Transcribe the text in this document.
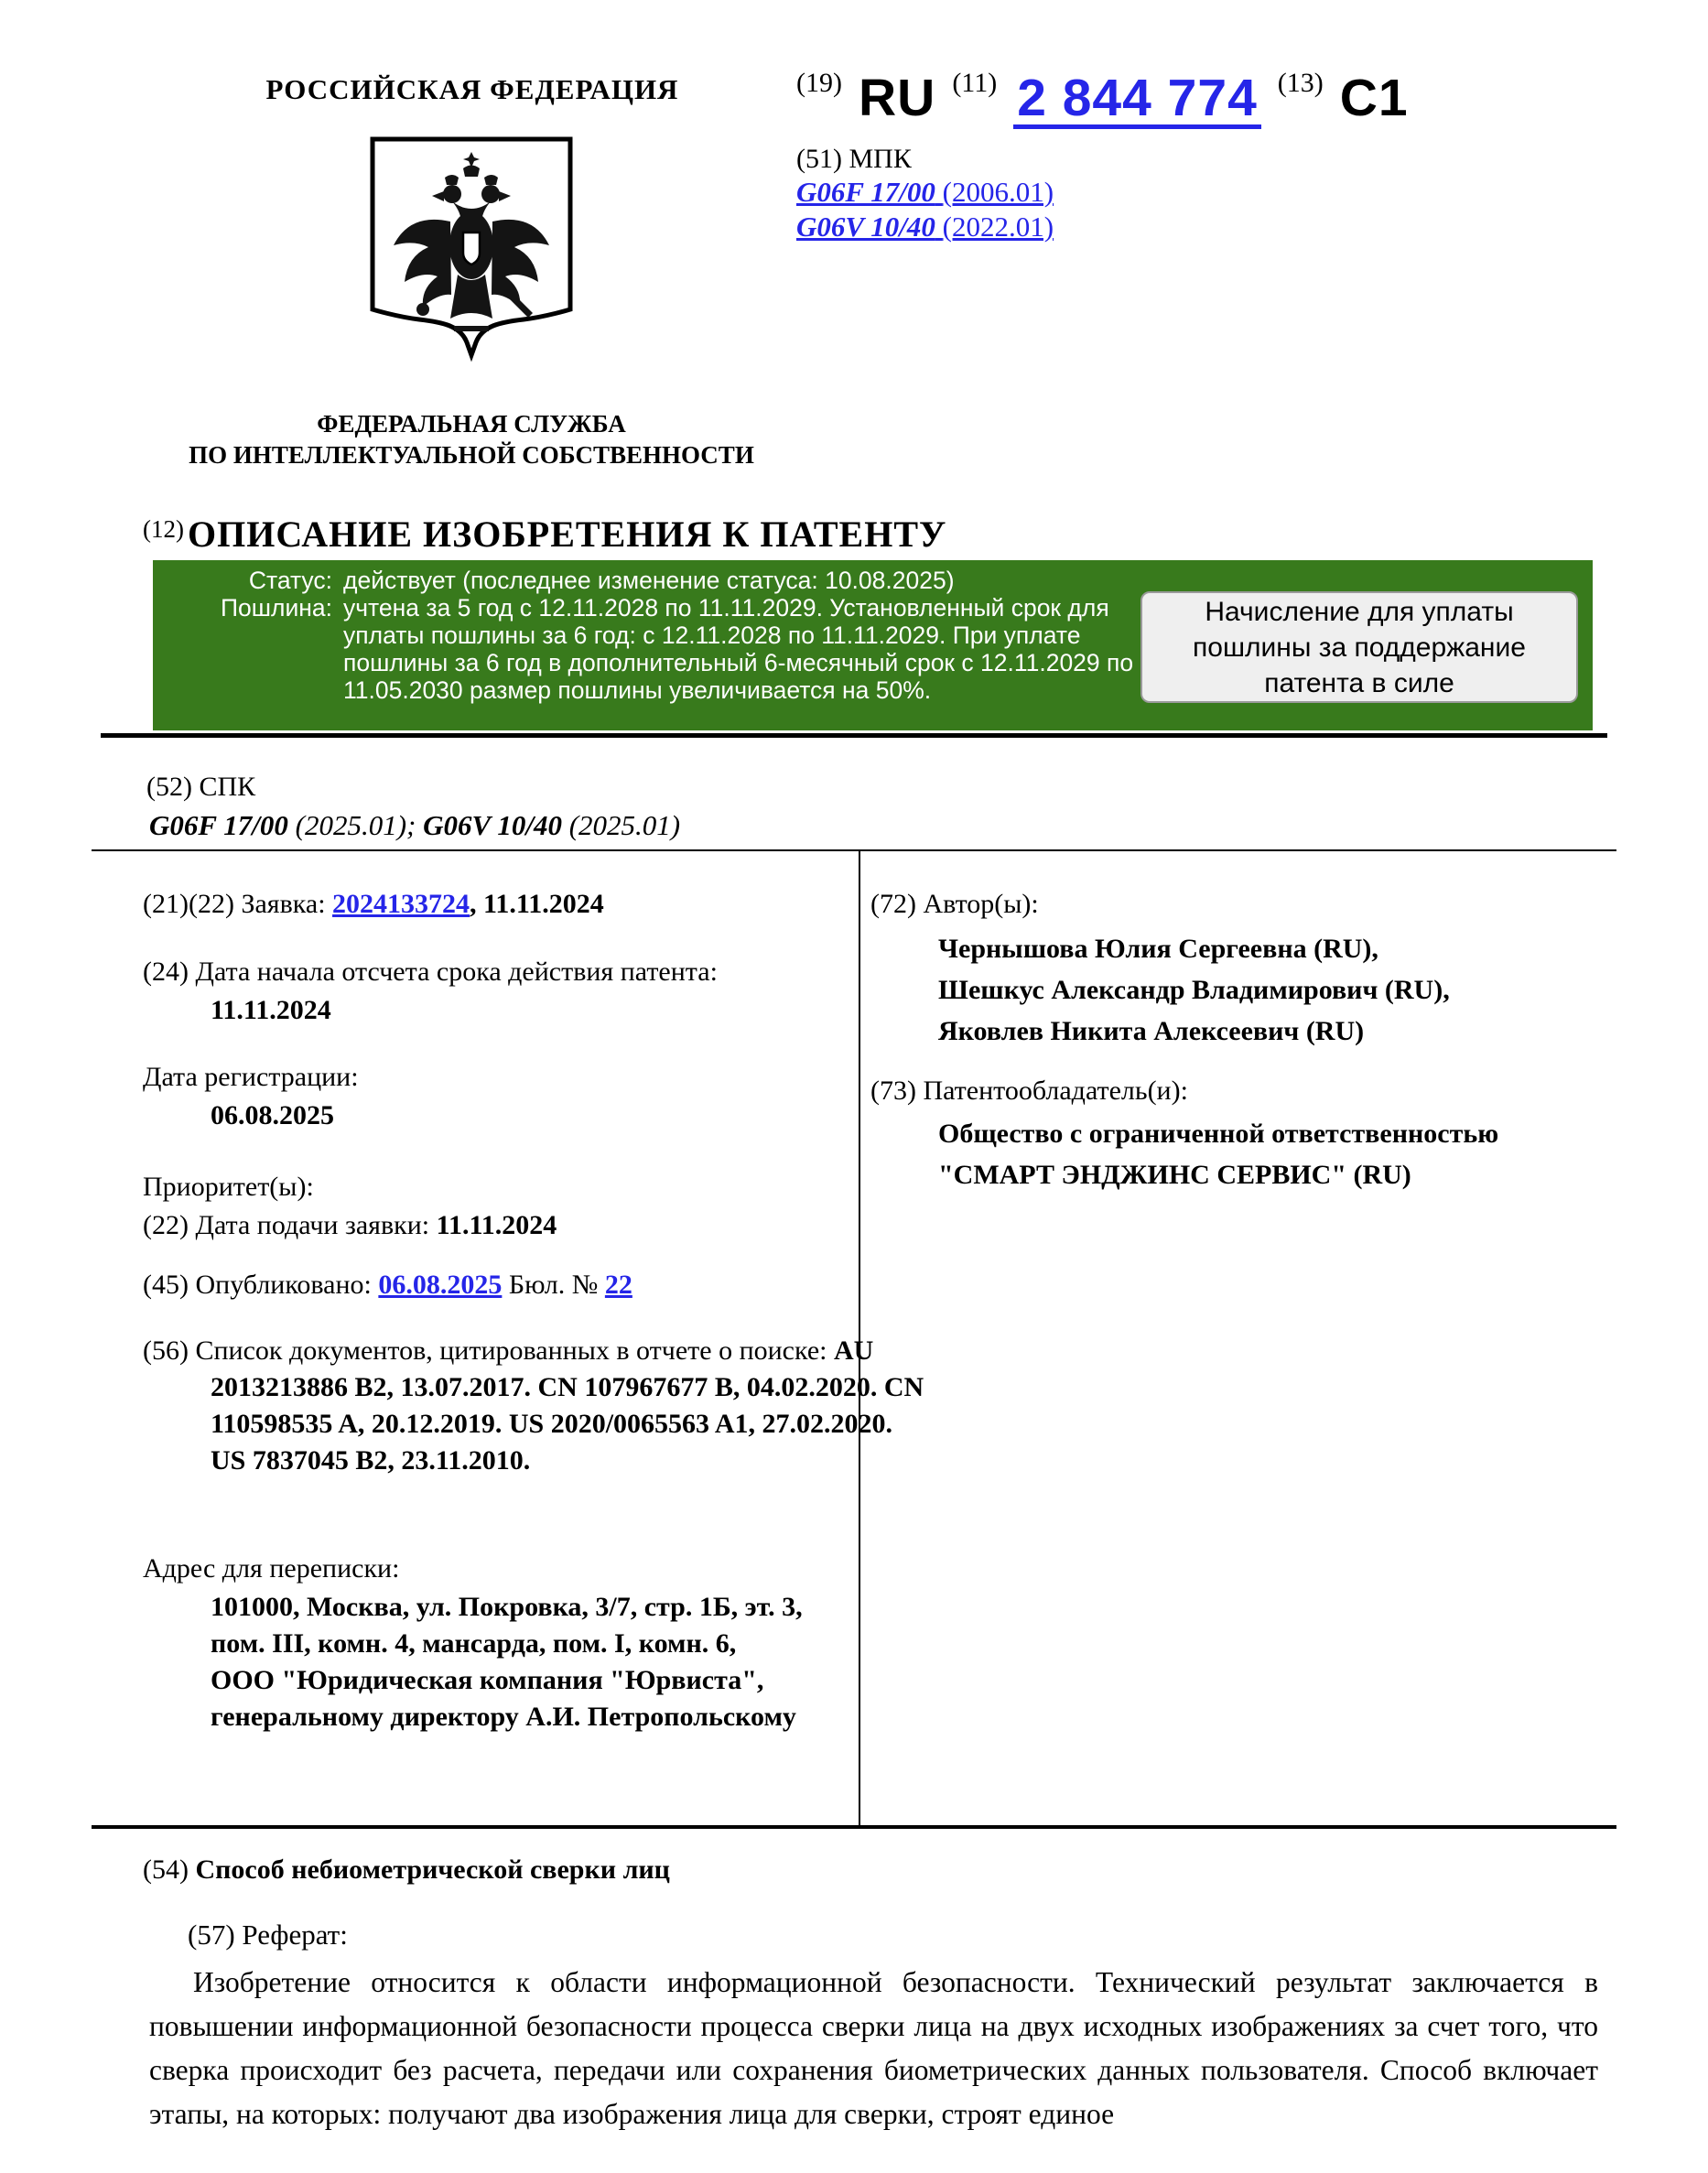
РОССИЙСКАЯ ФЕДЕРАЦИЯ
ФЕДЕРАЛЬНАЯ СЛУЖБА
ПО ИНТЕЛЛЕКТУАЛЬНОЙ СОБСТВЕННОСТИ
(19) RU (11) 2 844 774 (13) C1
(51) МПК
G06F 17/00 (2006.01)
G06V 10/40 (2022.01)
(12) ОПИСАНИЕ ИЗОБРЕТЕНИЯ К ПАТЕНТУ
Статус: действует (последнее изменение статуса: 10.08.2025)
Пошлина: учтена за 5 год с 12.11.2028 по 11.11.2029. Установленный срок для уплаты пошлины за 6 год: с 12.11.2028 по 11.11.2029. При уплате пошлины за 6 год в дополнительный 6-месячный срок с 12.11.2029 по 11.05.2030 размер пошлины увеличивается на 50%.
Начисление для уплаты пошлины за поддержание патента в силе
(52) СПК
G06F 17/00 (2025.01); G06V 10/40 (2025.01)
(21)(22) Заявка: 2024133724, 11.11.2024
(24) Дата начала отсчета срока действия патента:
11.11.2024
Дата регистрации:
06.08.2025
Приоритет(ы):
(22) Дата подачи заявки: 11.11.2024
(45) Опубликовано: 06.08.2025 Бюл. № 22
(56) Список документов, цитированных в отчете о поиске: AU 2013213886 B2, 13.07.2017. CN 107967677 B, 04.02.2020. CN 110598535 A, 20.12.2019. US 2020/0065563 A1, 27.02.2020. US 7837045 B2, 23.11.2010.
Адрес для переписки:
101000, Москва, ул. Покровка, 3/7, стр. 1Б, эт. 3, пом. III, комн. 4, мансарда, пом. I, комн. 6, ООО "Юридическая компания "Юрвиста", генеральному директору А.И. Петропольскому
(72) Автор(ы):
Чернышова Юлия Сергеевна (RU),
Шешкус Александр Владимирович (RU),
Яковлев Никита Алексеевич (RU)
(73) Патентообладатель(и):
Общество с ограниченной ответственностью "СМАРТ ЭНДЖИНС СЕРВИС" (RU)
(54) Способ небиометрической сверки лиц
(57) Реферат:
Изобретение относится к области информационной безопасности. Технический результат заключается в повышении информационной безопасности процесса сверки лица на двух исходных изображениях за счет того, что сверка происходит без расчета, передачи или сохранения биометрических данных пользователя. Способ включает этапы, на которых: получают два изображения лица для сверки, строят единое
